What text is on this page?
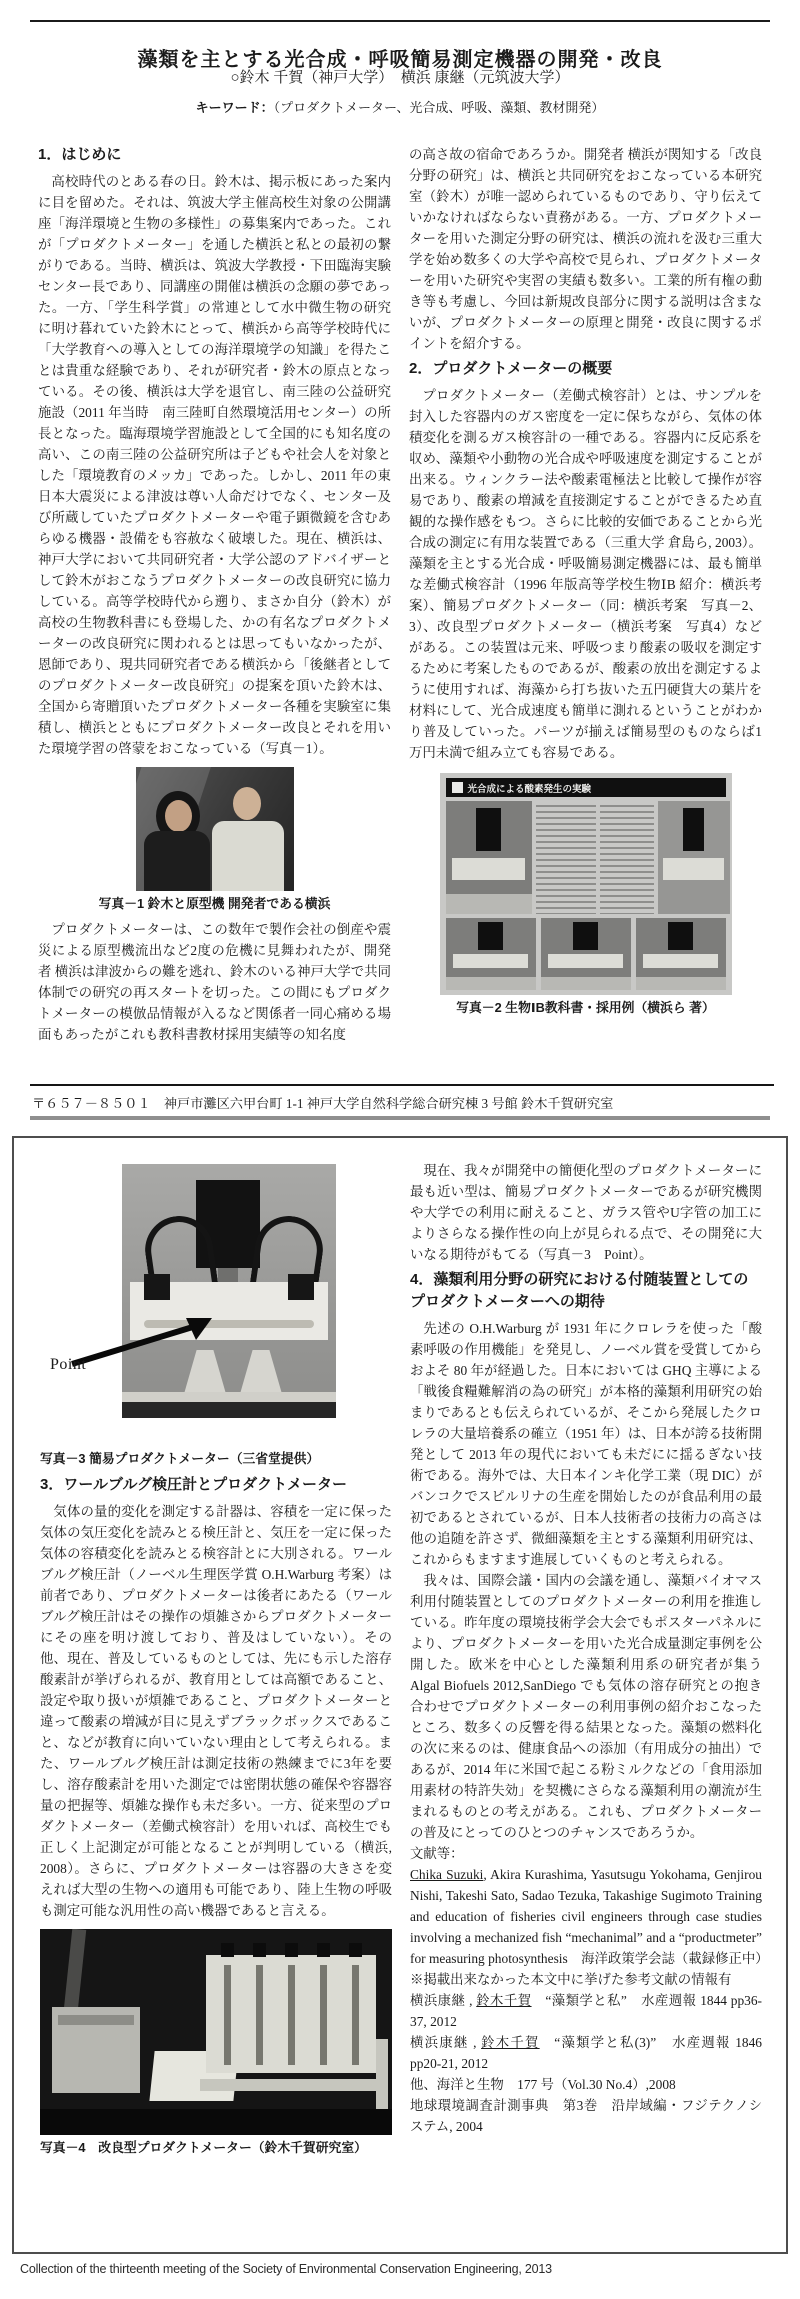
藻類を主とする光合成・呼吸簡易測定機器の開発・改良
○鈴木 千賀（神戸大学）　横浜 康継（元筑波大学）
キーワード：（プロダクトメーター、光合成、呼吸、藻類、教材開発）
1．はじめに

高校時代のとある春の日。鈴木は、掲示板にあった案内に目を留めた。それは、筑波大学主催高校生対象の公開講座「海洋環境と生物の多様性」の募集案内であった。これが「プロダクトメーター」を通した横浜と私との最初の繋がりである。当時、横浜は、筑波大学教授・下田臨海実験センター長であり、同講座の開催は横浜の念願の夢であった。一方、「学生科学賞」の常連として水中微生物の研究に明け暮れていた鈴木にとって、横浜から高等学校時代に「大学教育への導入としての海洋環境学の知識」を得たことは貴重な経験であり、それが研究者・鈴木の原点となっている。その後、横浜は大学を退官し、南三陸の公益研究施設（2011 年当時　南三陸町自然環境活用センター）の所長となった。臨海環境学習施設として全国的にも知名度の高い、この南三陸の公益研究所は子どもや社会人を対象とした「環境教育のメッカ」であった。しかし、2011 年の東日本大震災による津波は尊い人命だけでなく、センター及び所蔵していたプロダクトメーターや電子顕微鏡を含むあらゆる機器・設備をも容赦なく破壊した。現在、横浜は、神戸大学において共同研究者・大学公認のアドバイザーとして鈴木がおこなうプロダクトメーターの改良研究に協力している。高等学校時代から遡り、まさか自分（鈴木）が高校の生物教科書にも登場した、かの有名なプロダクトメーターの改良研究に関われるとは思ってもいなかったが、恩師であり、現共同研究者である横浜から「後継者としてのプロダクトメーター改良研究」の提案を頂いた鈴木は、全国から寄贈頂いたプロダクトメーター各種を実験室に集積し、横浜とともにプロダクトメーター改良とそれを用いた環境学習の啓蒙をおこなっている（写真－1）。

写真－1 鈴木と原型機 開発者である横浜

プロダクトメーターは、この数年で製作会社の倒産や震災による原型機流出など2度の危機に見舞われたが、開発者 横浜は津波からの難を逃れ、鈴木のいる神戸大学で共同体制での研究の再スタートを切った。この間にもプロダクトメーターの模倣品情報が入るなど関係者一同心痛める場面もあったがこれも教科書教材採用実績等の知名度

の高さ故の宿命であろうか。開発者 横浜が関知する「改良分野の研究」は、横浜と共同研究をおこなっている本研究室（鈴木）が唯一認められているものであり、守り伝えていかなければならない責務がある。一方、プロダクトメーターを用いた測定分野の研究は、横浜の流れを汲む三重大学を始め数多くの大学や高校で見られ、プロダクトメーターを用いた研究や実習の実績も数多い。工業的所有権の動き等も考慮し、今回は新規改良部分に関する説明は含まないが、プロダクトメーターの原理と開発・改良に関するポイントを紹介する。

2．プロダクトメーターの概要

プロダクトメーター（差働式検容計）とは、サンプルを封入した容器内のガス密度を一定に保ちながら、気体の体積変化を測るガス検容計の一種である。容器内に反応系を収め、藻類や小動物の光合成や呼吸速度を測定することが出来る。ウィンクラー法や酸素電極法と比較して操作が容易であり、酸素の増減を直接測定することができるため直観的な操作感をもつ。さらに比較的安価であることから光合成の測定に有用な装置である（三重大学 倉島ら, 2003）。藻類を主とする光合成・呼吸簡易測定機器には、最も簡単な差働式検容計（1996 年版高等学校生物ⅠB 紹介：横浜考案）、簡易プロダクトメーター（同：横浜考案　写真－2、3）、改良型プロダクトメーター（横浜考案　写真4）などがある。この装置は元来、呼吸つまり酸素の吸収を測定するために考案したものであるが、酸素の放出を測定するように使用すれば、海藻から打ち抜いた五円硬貨大の葉片を材料にして、光合成速度も簡単に測れるということがわかり普及していった。パーツが揃えば簡易型のものならば1万円未満で組み立ても容易である。

光合成による酸素発生の実験
写真－2 生物ⅠB教科書・採用例（横浜ら 著）
〒６５７－８５０１　神戸市灘区六甲台町 1-1 神戸大学自然科学総合研究棟 3 号館 鈴木千賀研究室
Point
写真－3 簡易プロダクトメーター（三省堂提供）
3．ワールブルグ検圧計とプロダクトメーター

気体の量的変化を測定する計器は、容積を一定に保った気体の気圧変化を読みとる検圧計と、気圧を一定に保った気体の容積変化を読みとる検容計とに大別される。ワールブルグ検圧計（ノーベル生理医学賞 O.H.Warburg 考案）は前者であり、プロダクトメーターは後者にあたる（ワールブルグ検圧計はその操作の煩雑さからプロダクトメーターにその座を明け渡しており、普及はしていない）。その他、現在、普及しているものとしては、先にも示した溶存酸素計が挙げられるが、教育用としては高額であること、設定や取り扱いが煩雑であること、プロダクトメーターと違って酸素の増減が目に見えずブラックボックスであること、などが教育に向いていない理由として考えられる。また、ワールブルグ検圧計は測定技術の熟練までに3年を要し、溶存酸素計を用いた測定では密閉状態の確保や容器容量の把握等、煩雑な操作も未だ多い。一方、従来型のプロダクトメーター（差働式検容計）を用いれば、高校生でも正しく上記測定が可能となることが判明している（横浜, 2008）。さらに、プロダクトメーターは容器の大きさを変えれば大型の生物への適用も可能であり、陸上生物の呼吸も測定可能な汎用性の高い機器であると言える。

写真－4　改良型プロダクトメーター（鈴木千賀研究室）

現在、我々が開発中の簡便化型のプロダクトメーターに最も近い型は、簡易プロダクトメーターであるが研究機関や大学での利用に耐えること、ガラス管やU字管の加工によりさらなる操作性の向上が見られる点で、その開発に大いなる期待がもてる（写真－3　Point）。

4．藻類利用分野の研究における付随装置としてのプロダクトメーターへの期待

先述の O.H.Warburg が 1931 年にクロレラを使った「酸素呼吸の作用機能」を発見し、ノーベル賞を受賞してからおよそ 80 年が経過した。日本においては GHQ 主導による「戦後食糧難解消の為の研究」が本格的藻類利用研究の始まりであるとも伝えられているが、そこから発展したクロレラの大量培養系の確立（1951 年）は、日本が誇る技術開発として 2013 年の現代においても未だにに揺るぎない技術である。海外では、大日本インキ化学工業（現 DIC）がバンコクでスピルリナの生産を開始したのが食品利用の最初であるとされているが、日本人技術者の技術力の高さは他の追随を許さず、微細藻類を主とする藻類利用研究は、これからもますます進展していくものと考えられる。

我々は、国際会議・国内の会議を通し、藻類バイオマス利用付随装置としてのプロダクトメーターの利用を推進している。昨年度の環境技術学会大会でもポスターパネルにより、プロダクトメーターを用いた光合成量測定事例を公開した。欧米を中心とした藻類利用系の研究者が集う Algal Biofuels 2012,SanDiego でも気体の溶存研究との抱き合わせでプロダクトメーターの利用事例の紹介おこなったところ、数多くの反響を得る結果となった。藻類の燃料化の次に来るのは、健康食品への添加（有用成分の抽出）であるが、2014 年に米国で起こる粉ミルクなどの「食用添加用素材の特許失効」を契機にさらなる藻類利用の潮流が生まれるものとの考えがある。これも、プロダクトメーターの普及にとってのひとつのチャンスであろうか。

文献等：

Chika Suzuki, Akira Kurashima, Yasutsugu Yokohama, Genjirou Nishi, Takeshi Sato, Sadao Tezuka, Takashige Sugimoto Training and education of fisheries civil engineers through case studies involving a mechanized fish “mechanimal” and a “productmeter” for measuring photosynthesis　海洋政策学会誌（載録修正中）※掲載出来なかった本文中に挙げた参考文献の情報有

横浜康継 , 鈴木千賀　“藻類学と私”　水産週報 1844 pp36-37, 2012

横浜康継 , 鈴木千賀　“藻類学と私(3)”　水産週報 1846 pp20-21, 2012

他、海洋と生物　177 号（Vol.30 No.4）,2008

地球環境調査計測事典　第3巻　沿岸域編・フジテクノシステム, 2004

Collection of the thirteenth meeting of the Society of Environmental Conservation Engineering, 2013
